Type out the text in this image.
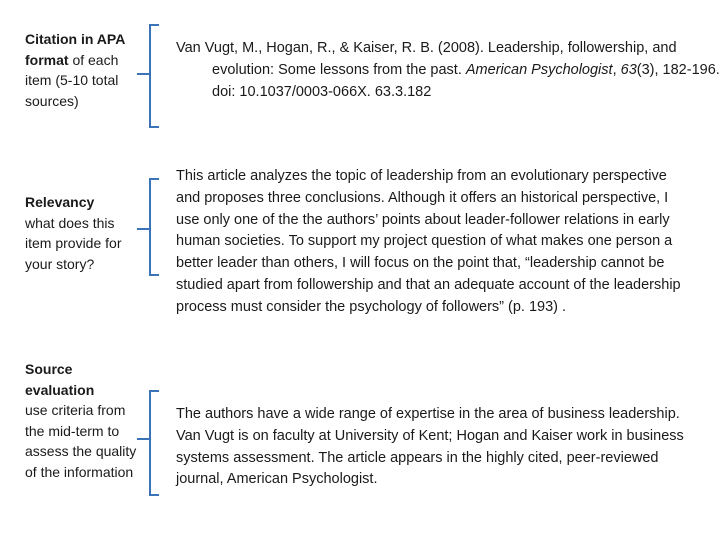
Citation in APA format of each item (5-10 total sources)
Van Vugt, M., Hogan, R., & Kaiser, R. B. (2008). Leadership, followership, and evolution: Some lessons from the past. American Psychologist, 63(3), 182-196. doi: 10.1037/0003-066X. 63.3.182
Relevancy
what does this item provide for your story?

This article analyzes the topic of leadership from an evolutionary perspective and proposes three conclusions. Although it offers an historical perspective, I use only one of the the authors’ points about leader-follower relations in early human societies. To support my project question of what makes one person a better leader than others, I will focus on the point that, “leadership cannot be studied apart from followership and that an adequate account of the leadership process must consider the psychology of followers” (p. 193) .

Source evaluation
use criteria from the mid-term to assess the quality of the information

The authors have a wide range of expertise in the area of business leadership. Van Vugt is on faculty at University of Kent; Hogan and Kaiser work in business systems assessment. The article appears in the highly cited, peer-reviewed journal, American Psychologist.
